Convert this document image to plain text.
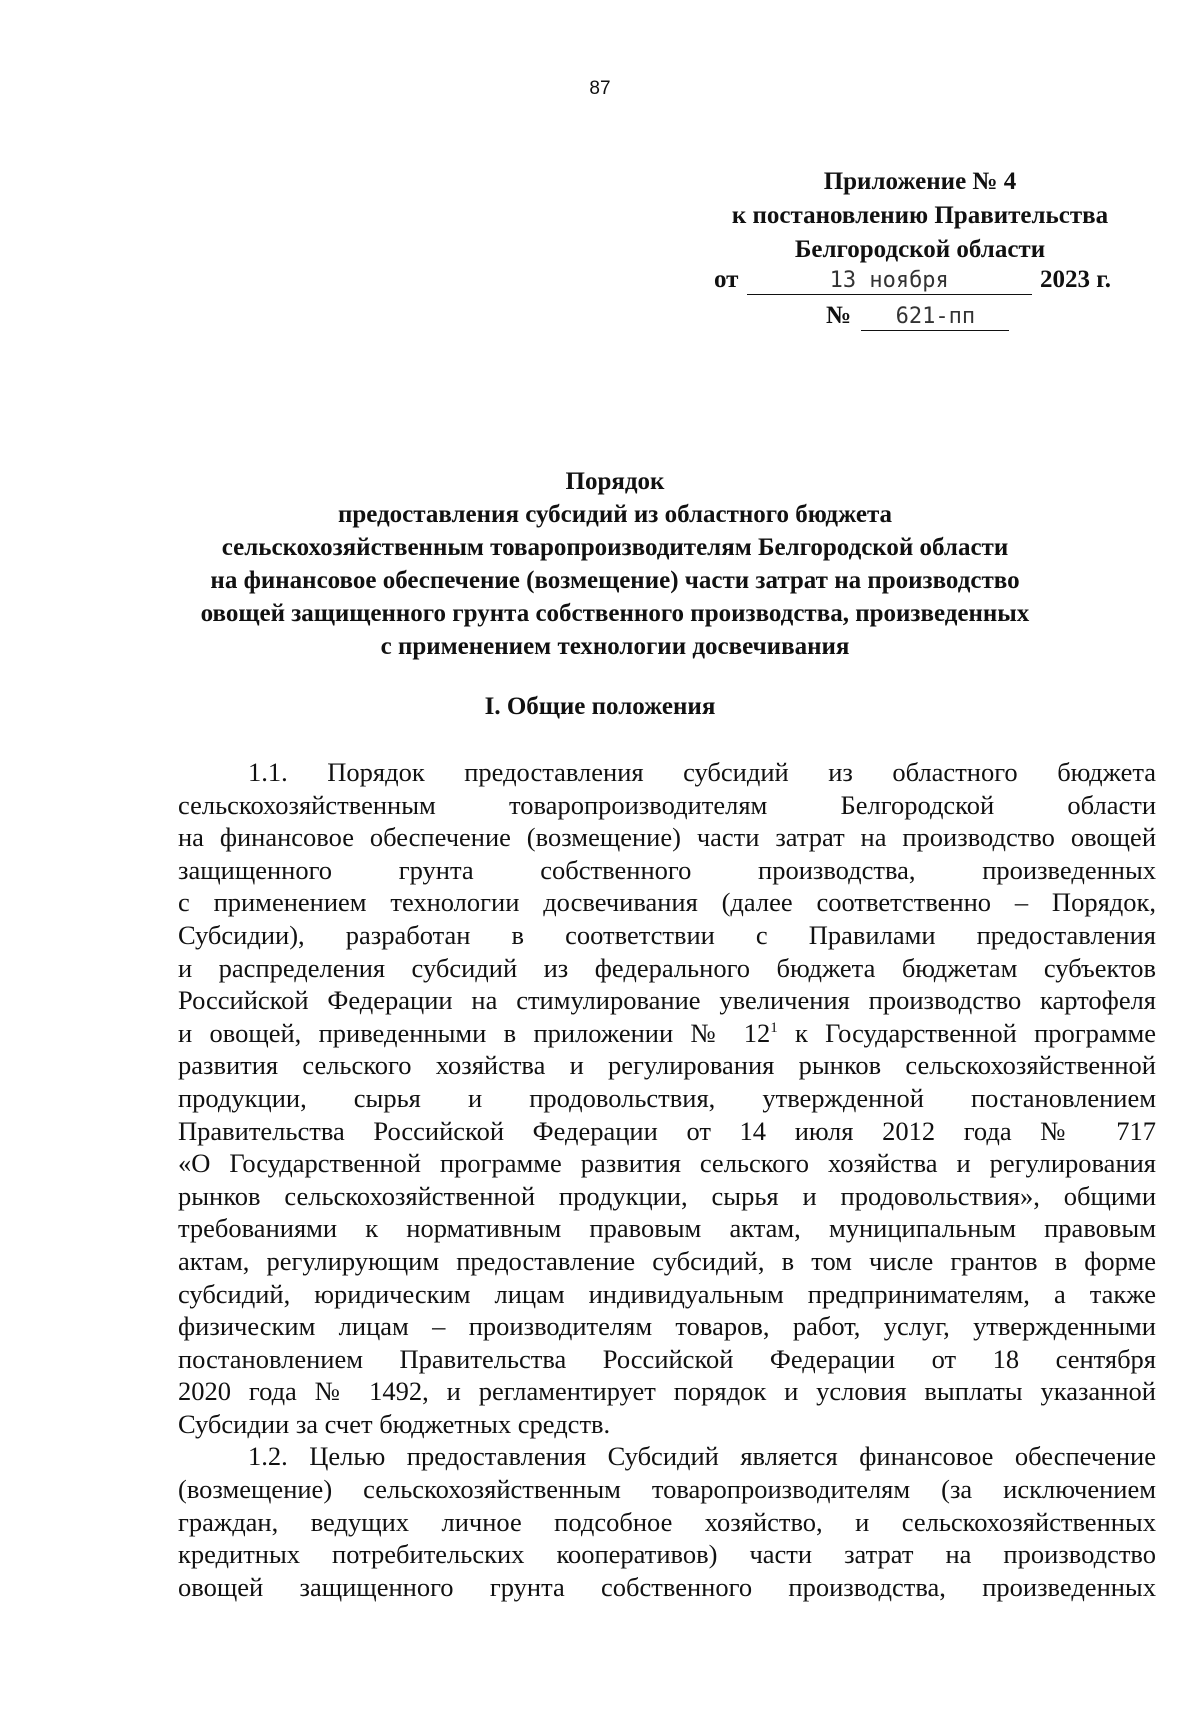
87
Приложение № 4
к постановлению Правительства
Белгородской области
от	13 ноября	2023 г.
№ 621-пп
Порядок
предоставления субсидий из областного бюджета
сельскохозяйственным товаропроизводителям Белгородской области
на финансовое обеспечение (возмещение) части затрат на производство
овощей защищенного грунта собственного производства, произведенных
с применением технологии досвечивания
I. Общие положения
1.1. Порядок предоставления субсидий из областного бюджета
сельскохозяйственным товаропроизводителям Белгородской области
на финансовое обеспечение (возмещение) части затрат на производство овощей
защищенного грунта собственного производства, произведенных
с применением технологии досвечивания (далее соответственно – Порядок,
Субсидии), разработан в соответствии с Правилами предоставления
и распределения субсидий из федерального бюджета бюджетам субъектов
Российской Федерации на стимулирование увеличения производство картофеля
и овощей, приведенными в приложении № $12^1$ к Государственной программе
развития сельского хозяйства и регулирования рынков сельскохозяйственной
продукции, сырья и продовольствия, утвержденной постановлением
Правительства Российской Федерации от 14 июля 2012 года № 717
«О Государственной программе развития сельского хозяйства и регулирования
рынков сельскохозяйственной продукции, сырья и продовольствия», общими
требованиями к нормативным правовым актам, муниципальным правовым
актам, регулирующим предоставление субсидий, в том числе грантов в форме
субсидий, юридическим лицам индивидуальным предпринимателям, а также
физическим лицам – производителям товаров, работ, услуг, утвержденными
постановлением Правительства Российской Федерации от 18 сентября
2020 года № 1492, и регламентирует порядок и условия выплаты указанной
Субсидии за счет бюджетных средств.
1.2. Целью предоставления Субсидий является финансовое обеспечение
(возмещение) сельскохозяйственным товаропроизводителям (за исключением
граждан, ведущих личное подсобное хозяйство, и сельскохозяйственных
кредитных потребительских кооперативов) части затрат на производство
овощей защищенного грунта собственного производства, произведенных
